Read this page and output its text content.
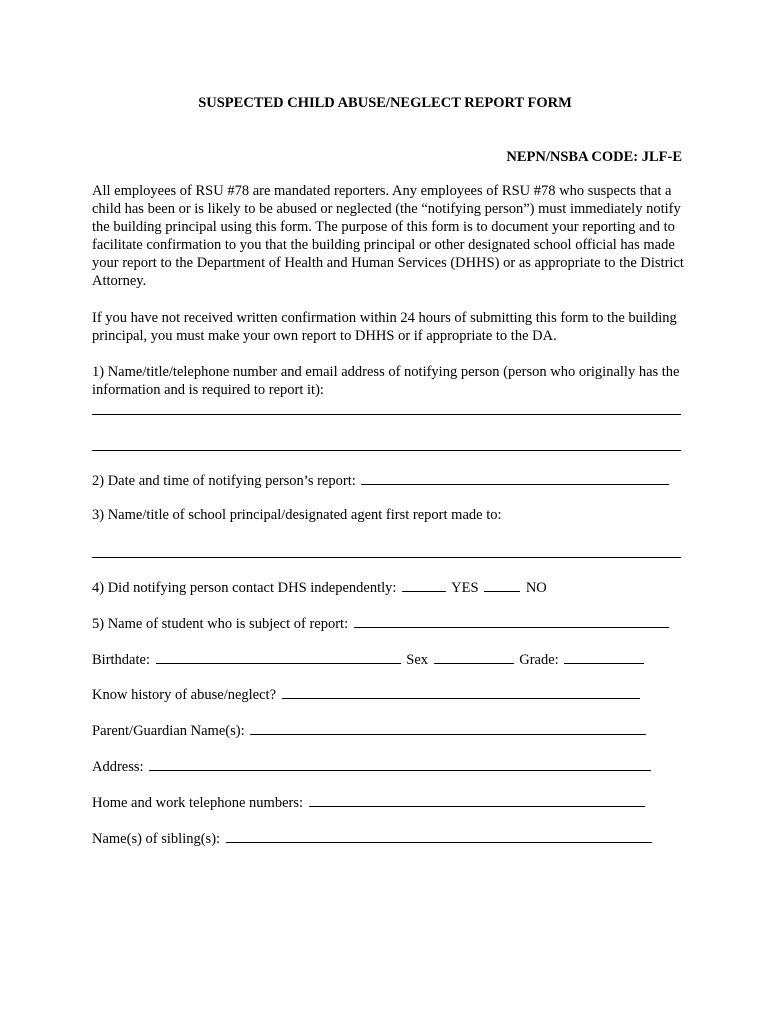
SUSPECTED CHILD ABUSE/NEGLECT REPORT FORM
NEPN/NSBA CODE: JLF-E

All employees of RSU #78 are mandated reporters. Any employees of RSU #78 who suspects that a child has been or is likely to be abused or neglected (the “notifying person”) must immediately notify the building principal using this form. The purpose of this form is to document your reporting and to facilitate confirmation to you that the building principal or other designated school official has made your report to the Department of Health and Human Services (DHHS) or as appropriate to the District Attorney.

If you have not received written confirmation within 24 hours of submitting this form to the building principal, you must make your own report to DHHS or if appropriate to the DA.

1) Name/title/telephone number and email address of notifying person (person who originally has the information and is required to report it):

2) Date and time of notifying person’s report:
3) Name/title of school principal/designated agent first report made to:
4) Did notifying person contact DHS independently:	YES	NO
5) Name of student who is subject of report:
Birthdate:	Sex	Grade:
Know history of abuse/neglect?
Parent/Guardian Name(s):
Address:
Home and work telephone numbers:
Name(s) of sibling(s):
